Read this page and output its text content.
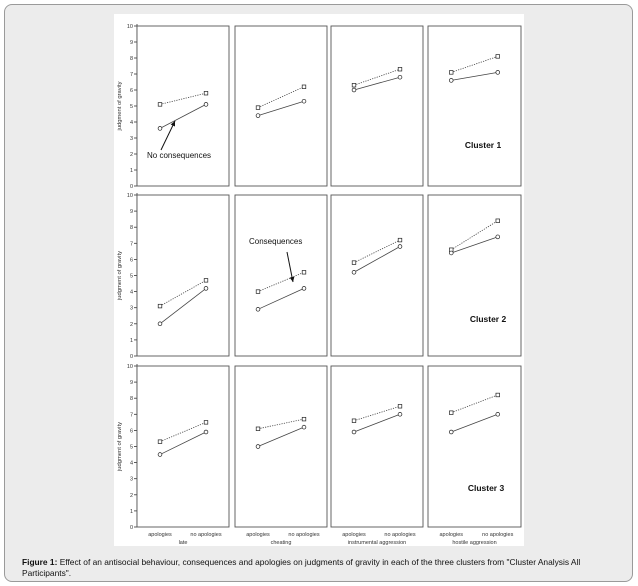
0
1
2
3
4
5
6
7
8
9
10
judgment of gravity
Cluster 1
No consequences
0
1
2
3
4
5
6
7
8
9
10
judgment of gravity
Cluster 2
Consequences
0
1
2
3
4
5
6
7
8
9
10
judgment of gravity
apologies	no apologies
late
apologies	no apologies
cheating
apologies	no apologies
instrumental aggression
apologies	no apologies
hostile aggression
Cluster 3
Figure 1: Effect of an antisocial behaviour, consequences and apologies on judgments of gravity in each of the three clusters from "Cluster Analysis All Participants".
